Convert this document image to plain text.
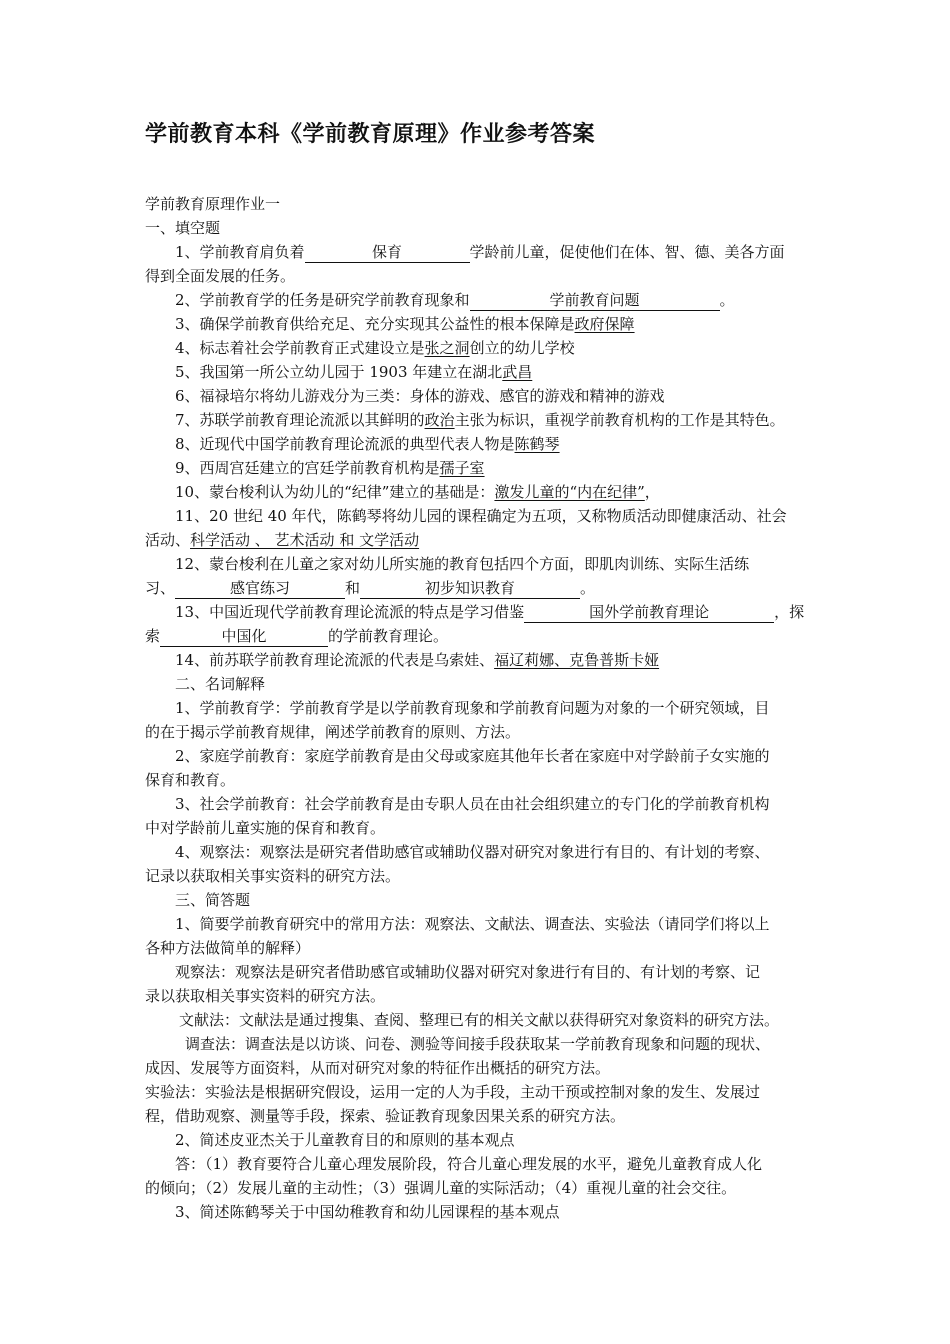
学前教育本科《学前教育原理》作业参考答案

学前教育原理作业一

一、填空题

1、学前教育肩负着	保育	学龄前儿童，促使他们在体、智、德、美各方面

得到全面发展的任务。

2、学前教育学的任务是研究学前教育现象和	学前教育问题	。

3、确保学前教育供给充足、充分实现其公益性的根本保障是政府保障

4、标志着社会学前教育正式建设立是张之洞创立的幼儿学校

5、我国第一所公立幼儿园于 1903 年建立在湖北武昌

6、福禄培尔将幼儿游戏分为三类：身体的游戏、感官的游戏和精神的游戏

7、苏联学前教育理论流派以其鲜明的政治主张为标识，重视学前教育机构的工作是其特色。

8、近现代中国学前教育理论流派的典型代表人物是陈鹤琴

9、西周宫廷建立的宫廷学前教育机构是孺子室

10、蒙台梭利认为幼儿的“纪律”建立的基础是：激发儿童的“内在纪律”，

11、20 世纪 40 年代，陈鹤琴将幼儿园的课程确定为五项，又称物质活动即健康活动、社会

活动、科学活动 、 艺术活动 和 文学活动

12、蒙台梭利在儿童之家对幼儿所实施的教育包括四个方面，即肌肉训练、实际生活练

习、	感官练习	和	初步知识教育	。

13、中国近现代学前教育理论流派的特点是学习借鉴	国外学前教育理论	，探

索	中国化	的学前教育理论。

14、前苏联学前教育理论流派的代表是乌索娃、福辽莉娜、克鲁普斯卡娅

二、名词解释

1、学前教育学：学前教育学是以学前教育现象和学前教育问题为对象的一个研究领域，目

的在于揭示学前教育规律，阐述学前教育的原则、方法。

2、家庭学前教育：家庭学前教育是由父母或家庭其他年长者在家庭中对学龄前子女实施的

保育和教育。

3、社会学前教育：社会学前教育是由专职人员在由社会组织建立的专门化的学前教育机构

中对学龄前儿童实施的保育和教育。

4、观察法：观察法是研究者借助感官或辅助仪器对研究对象进行有目的、有计划的考察、

记录以获取相关事实资料的研究方法。

三、简答题

1、简要学前教育研究中的常用方法：观察法、文献法、调查法、实验法（请同学们将以上

各种方法做简单的解释）

观察法：观察法是研究者借助感官或辅助仪器对研究对象进行有目的、有计划的考察、记

录以获取相关事实资料的研究方法。

文献法：文献法是通过搜集、查阅、整理已有的相关文献以获得研究对象资料的研究方法。

调查法：调查法是以访谈、问卷、测验等间接手段获取某一学前教育现象和问题的现状、

成因、发展等方面资料，从而对研究对象的特征作出概括的研究方法。

实验法：实验法是根据研究假设，运用一定的人为手段，主动干预或控制对象的发生、发展过

程，借助观察、测量等手段，探索、验证教育现象因果关系的研究方法。

2、简述皮亚杰关于儿童教育目的和原则的基本观点

答：（1）教育要符合儿童心理发展阶段，符合儿童心理发展的水平，避免儿童教育成人化

的倾向；（2）发展儿童的主动性；（3）强调儿童的实际活动；（4）重视儿童的社会交往。

3、简述陈鹤琴关于中国幼稚教育和幼儿园课程的基本观点
